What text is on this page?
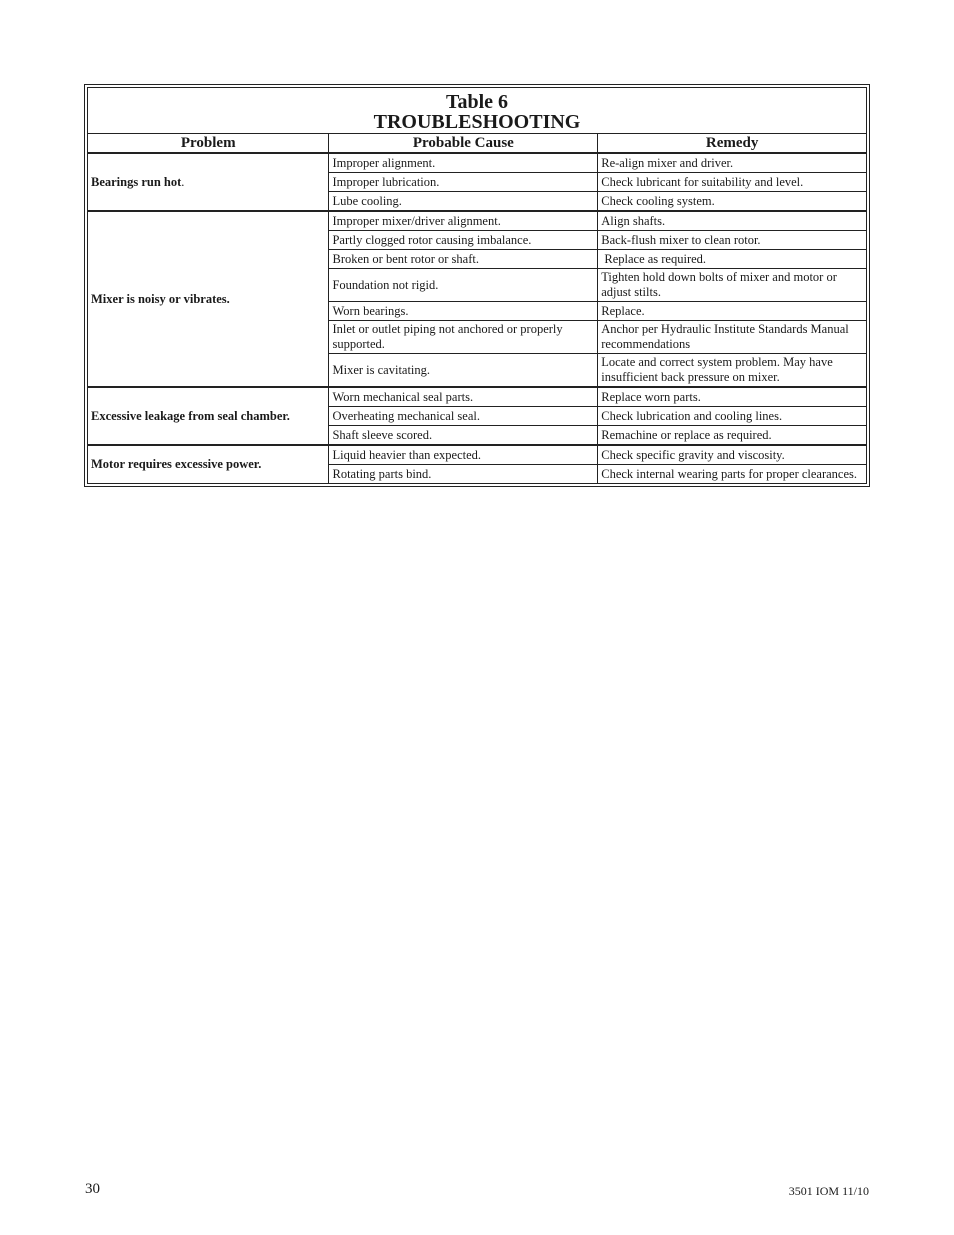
Table 6
TROUBLESHOOTING		

Problem	Probable Cause	Remedy
Bearings run hot.	Improper alignment.	Re-align mixer and driver.
	Improper lubrication.	Check lubricant for suitability and level.
	Lube cooling.	Check cooling system.
Mixer is noisy or vibrates.	Improper mixer/driver alignment.	Align shafts.
	Partly clogged rotor causing imbalance.	Back-flush mixer to clean rotor.
	Broken or bent rotor or shaft.	Replace as required.
	Foundation not rigid.	Tighten hold down bolts of mixer and motor or adjust stilts.
	Worn bearings.	Replace.
	Inlet or outlet piping not anchored or properly supported.	Anchor per Hydraulic Institute Standards Manual recommendations
	Mixer is cavitating.	Locate and correct system problem. May have insufficient back pressure on mixer.
Excessive leakage from seal chamber.	Worn mechanical seal parts.	Replace worn parts.
	Overheating mechanical seal.	Check lubrication and cooling lines.
	Shaft sleeve scored.	Remachine or replace as required.
Motor requires excessive power.	Liquid heavier than expected.	Check specific gravity and viscosity.
	Rotating parts bind.	Check internal wearing parts for proper clearances.
30	3501 IOM 11/10
